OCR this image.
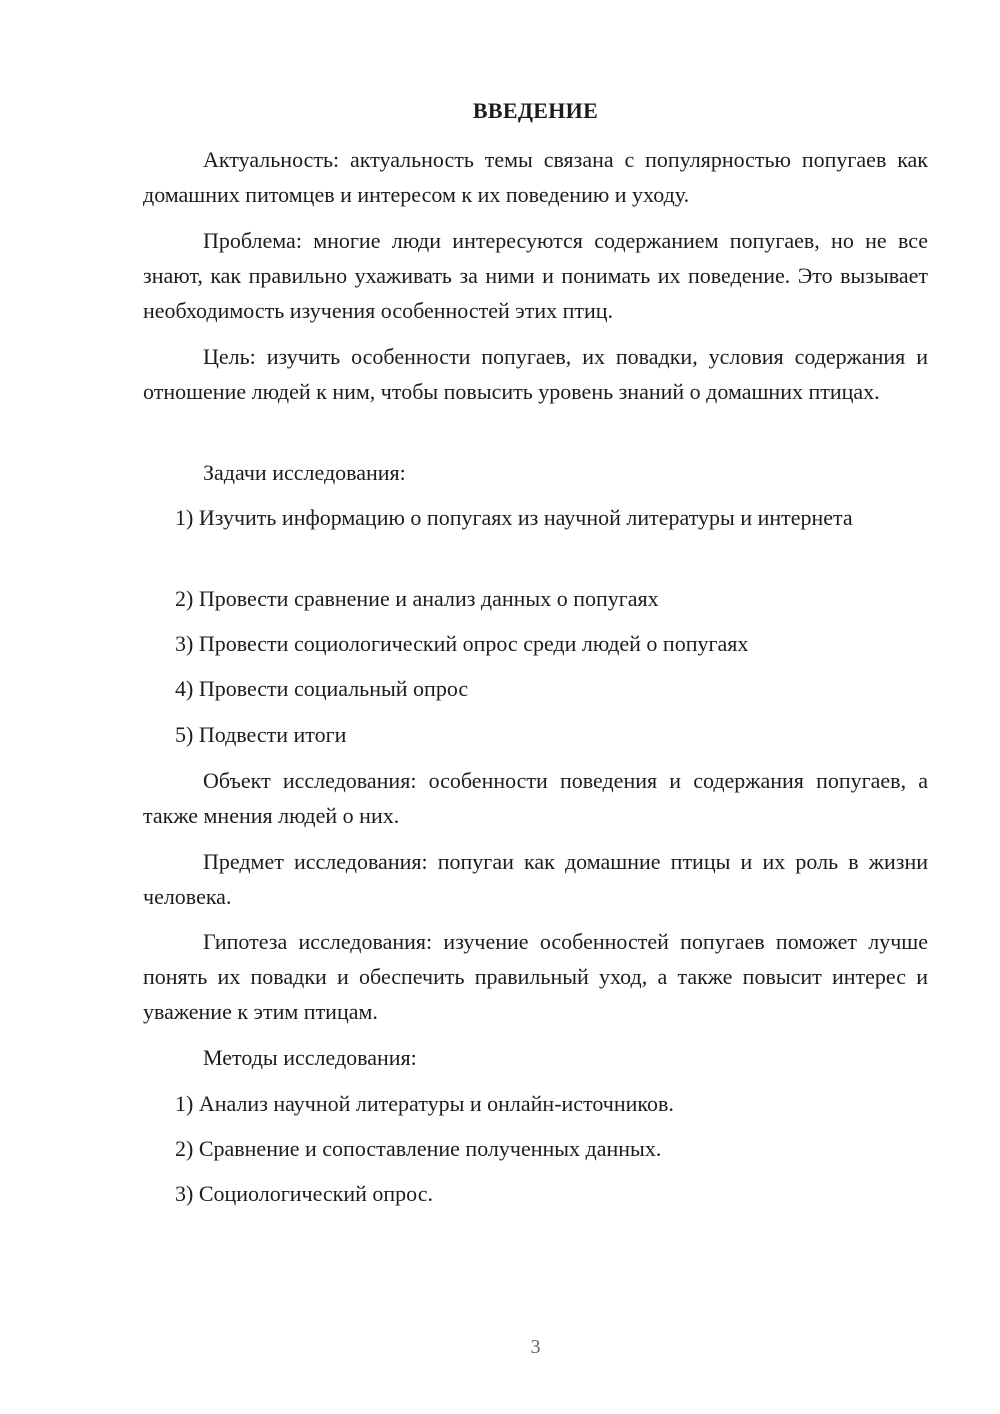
ВВЕДЕНИЕ
Актуальность: актуальность темы связана с популярностью попугаев как домашних питомцев и интересом к их поведению и уходу.
Проблема: многие люди интересуются содержанием попугаев, но не все знают, как правильно ухаживать за ними и понимать их поведение. Это вызывает необходимость изучения особенностей этих птиц.
Цель: изучить особенности попугаев, их повадки, условия содержания и отношение людей к ним, чтобы повысить уровень знаний о домашних птицах.
Задачи исследования:
1) Изучить информацию о попугаях из научной литературы и интернета
2) Провести сравнение и анализ данных о попугаях
3) Провести социологический опрос среди людей о попугаях
4) Провести социальный опрос
5) Подвести итоги
Объект исследования: особенности поведения и содержания попугаев, а также мнения людей о них.
Предмет исследования: попугаи как домашние птицы и их роль в жизни человека.
Гипотеза исследования: изучение особенностей попугаев поможет лучше понять их повадки и обеспечить правильный уход, а также повысит интерес и уважение к этим птицам.
Методы исследования:
1) Анализ научной литературы и онлайн-источников.
2) Сравнение и сопоставление полученных данных.
3) Социологический опрос.
3
